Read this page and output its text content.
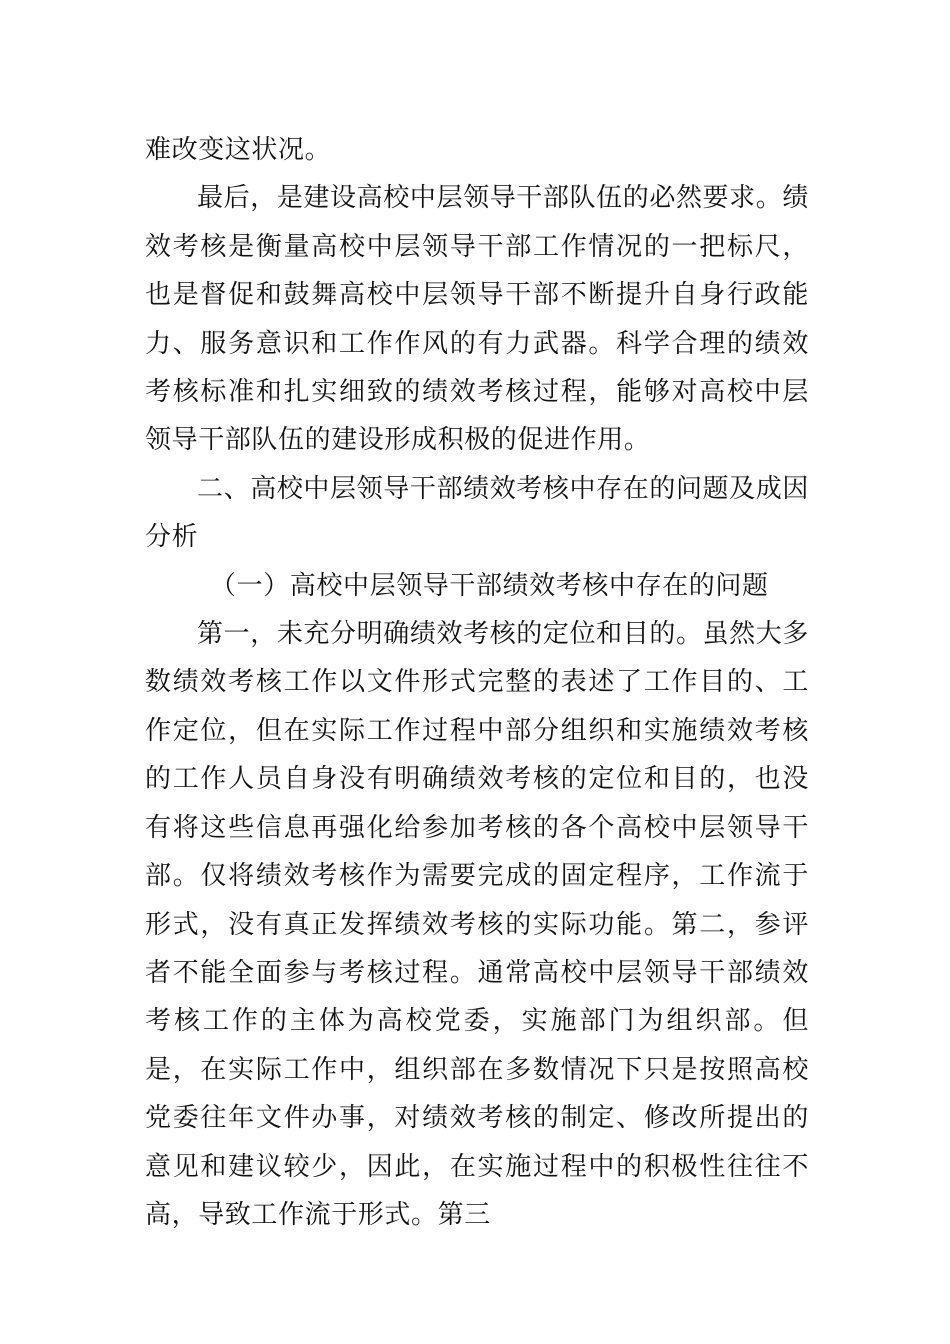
难改变这状况。

最后，是建设高校中层领导干部队伍的必然要求。绩效考核是衡量高校中层领导干部工作情况的一把标尺，也是督促和鼓舞高校中层领导干部不断提升自身行政能力、服务意识和工作作风的有力武器。科学合理的绩效考核标准和扎实细致的绩效考核过程，能够对高校中层领导干部队伍的建设形成积极的促进作用。

二、高校中层领导干部绩效考核中存在的问题及成因分析

（一）高校中层领导干部绩效考核中存在的问题

第一，未充分明确绩效考核的定位和目的。虽然大多数绩效考核工作以文件形式完整的表述了工作目的、工作定位，但在实际工作过程中部分组织和实施绩效考核的工作人员自身没有明确绩效考核的定位和目的，也没有将这些信息再强化给参加考核的各个高校中层领导干部。仅将绩效考核作为需要完成的固定程序，工作流于形式，没有真正发挥绩效考核的实际功能。第二，参评者不能全面参与考核过程。通常高校中层领导干部绩效考核工作的主体为高校党委，实施部门为组织部。但是，在实际工作中，组织部在多数情况下只是按照高校党委往年文件办事，对绩效考核的制定、修改所提出的意见和建议较少，因此，在实施过程中的积极性往往不高，导致工作流于形式。第三
